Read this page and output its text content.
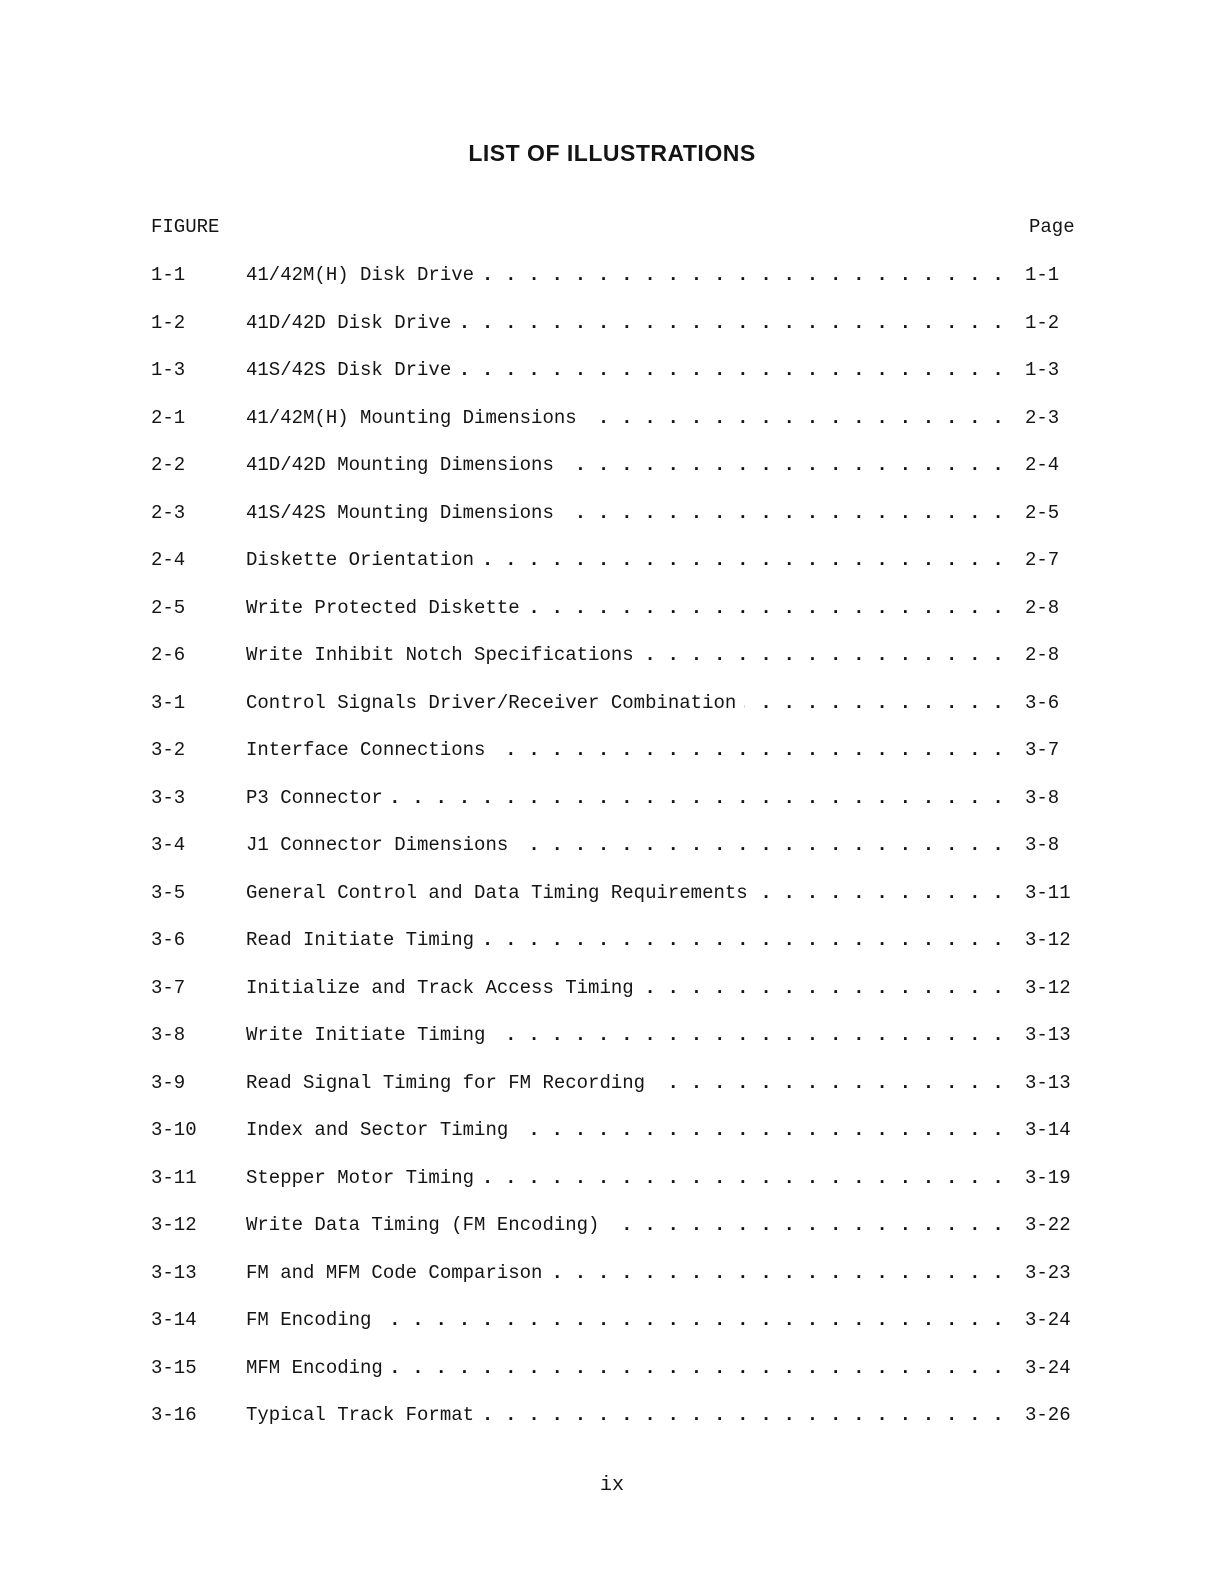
LIST OF ILLUSTRATIONS
FIGURE	Page
1-1	41/42M(H) Disk Drive . . .	1-1
1-2	41D/42D Disk Drive . . .	1-2
1-3	41S/42S Disk Drive . . .	1-3
2-1	41/42M(H) Mounting Dimensions . . .	2-3
2-2	41D/42D Mounting Dimensions . . .	2-4
2-3	41S/42S Mounting Dimensions . . .	2-5
2-4	Diskette Orientation . . .	2-7
2-5	Write Protected Diskette . . .	2-8
2-6	Write Inhibit Notch Specifications . . .	2-8
3-1	Control Signals Driver/Receiver Combination . . .	3-6
3-2	Interface Connections . . .	3-7
3-3	P3 Connector . . .	3-8
3-4	J1 Connector Dimensions . . .	3-8
3-5	General Control and Data Timing Requirements . . .	3-11
3-6	Read Initiate Timing . . .	3-12
3-7	Initialize and Track Access Timing . . .	3-12
3-8	Write Initiate Timing . . .	3-13
3-9	Read Signal Timing for FM Recording . . .	3-13
3-10	Index and Sector Timing . . .	3-14
3-11	Stepper Motor Timing . . .	3-19
3-12	Write Data Timing (FM Encoding) . . .	3-22
3-13	FM and MFM Code Comparison . . .	3-23
3-14	FM Encoding . . .	3-24
3-15	MFM Encoding . . .	3-24
3-16	Typical Track Format . . .	3-26
ix
